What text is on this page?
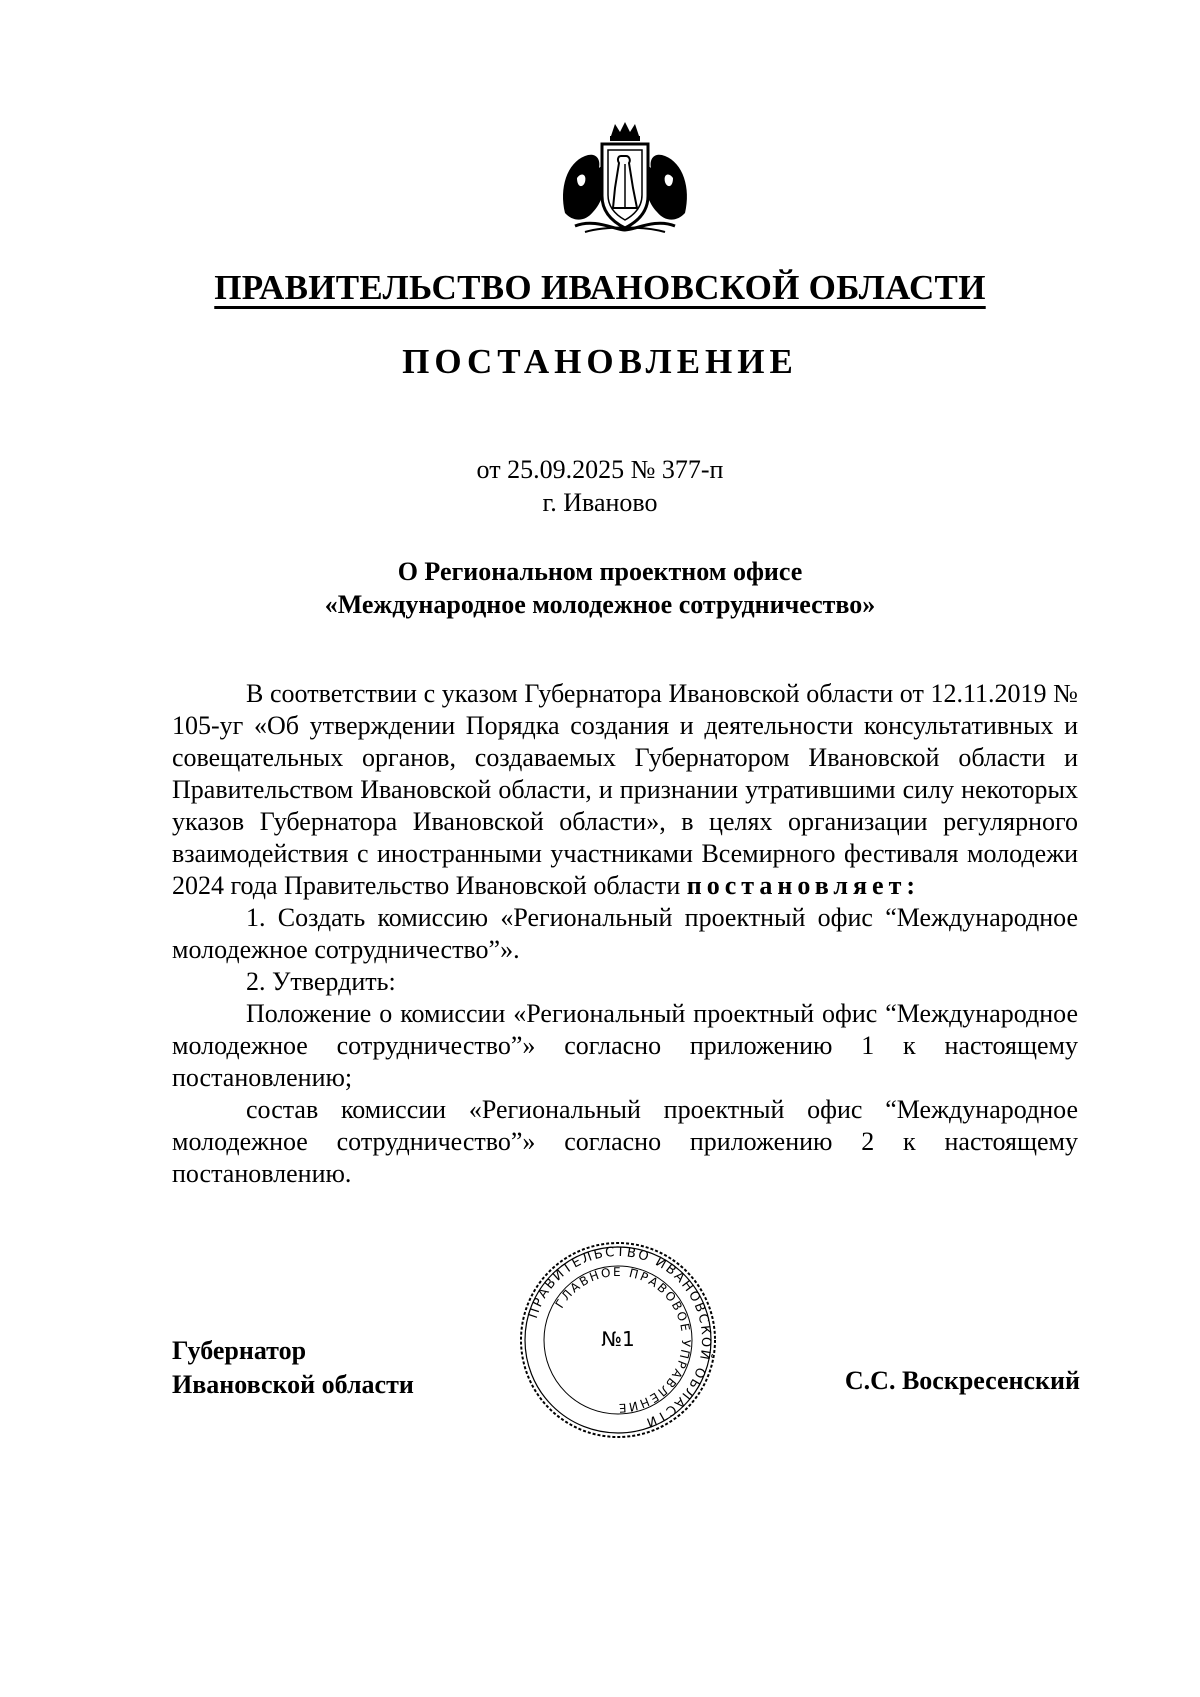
ПРАВИТЕЛЬСТВО ИВАНОВСКОЙ ОБЛАСТИ
ПОСТАНОВЛЕНИЕ
от 25.09.2025 № 377-п
г. Иваново
О Региональном проектном офисе
«Международное молодежное сотрудничество»

В соответствии с указом Губернатора Ивановской области от 12.11.2019 № 105-уг «Об утверждении Порядка создания и деятельности консультативных и совещательных органов, создаваемых Губернатором Ивановской области и Правительством Ивановской области, и признании утратившими силу некоторых указов Губернатора Ивановской области», в целях организации регулярного взаимодействия с иностранными участниками Всемирного фестиваля молодежи 2024 года Правительство Ивановской области постановляет:

1. Создать комиссию «Региональный проектный офис “Международное молодежное сотрудничество”».

2. Утвердить:

Положение о комиссии «Региональный проектный офис “Международное молодежное сотрудничество”» согласно приложению 1 к настоящему постановлению;

состав комиссии «Региональный проектный офис “Международное молодежное сотрудничество”» согласно приложению 2 к настоящему постановлению.

Губернатор
Ивановской области
ПРАВИТЕЛЬСТВО ИВАНОВСКОЙ ОБЛАСТИ
ГЛАВНОЕ ПРАВОВОЕ УПРАВЛЕНИЕ
№1
С.С. Воскресенский
